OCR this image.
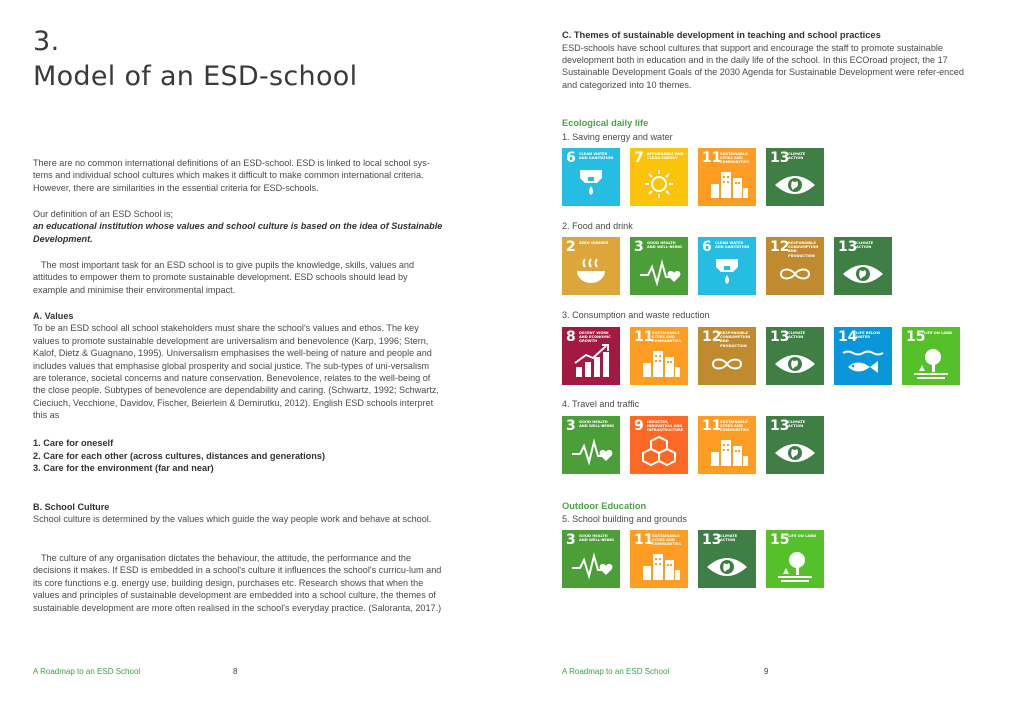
3.
Model of an ESD-school

There are no common international definitions of an ESD-school. ESD is linked to local school sys-tems and individual school cultures which makes it difficult to make common international criteria. However, there are similarities in the essential criteria for ESD-schools.

Our definition of an ESD School is;

an educational institution whose values and school culture is based on the idea of Sustainable Development.

The most important task for an ESD school is to give pupils the knowledge, skills, values and attitudes to empower them to promote sustainable development. ESD schools should lead by example and minimise their environmental impact.

A. Values

To be an ESD school all school stakeholders must share the school's values and ethos. The key values to promote sustainable development are universalism and benevolence (Karp, 1996; Stern, Kalof, Dietz & Guagnano, 1995). Universalism emphasises the well-being of nature and people and includes values that emphasise global prosperity and social justice. The sub-types of uni-versalism are tolerance, societal concerns and nature conservation. Benevolence, relates to the well-being of the close people. Subtypes of benevolence are dependability and caring. (Schwartz, 1992; Schwartz, Cieciuch, Vecchione, Davidov, Fischer, Beierlein & Demirutku, 2012). English ESD schools interpret this as

1. Care for oneself

2. Care for each other (across cultures, distances and generations)

3. Care for the environment (far and near)

B. School Culture

School culture is determined by the values which guide the way people work and behave at school.

The culture of any organisation dictates the behaviour, the attitude, the performance and the decisions it makes. If ESD is embedded in a school's culture it influences the school's curricu-lum and its core functions e.g. energy use, building design, purchases etc. Research shows that when the values and principles of sustainable development are embedded into a school culture, the themes of sustainable development are more often realised in the school's everyday practice. (Saloranta, 2017.)

A Roadmap to an ESD School	8
C. Themes of sustainable development in teaching and school practices
ESD-schools have school cultures that support and encourage the staff to promote sustainable development both in education and in the daily life of the school. In this ECOroad project, the 17 Sustainable Development Goals of the 2030 Agenda for Sustainable Development were refer-enced and categorized into 10 themes.
Ecological daily life
1. Saving energy and water
6 CLEAN WATER AND SANITATION 7 AFFORDABLE AND CLEAN ENERGY	11
SUSTAINABLE CITIES AND COMMUNITIES 13
CLIMATE ACTION
2. Food and drink
2 ZERO HUNGER	3 GOOD HEALTH AND WELL-BEING 6 CLEAN WATER AND SANITATION 12
RESPONSIBLE CONSUMPTION AND PRODUCTION
13
CLIMATE ACTION
3. Consumption and waste reduction
8 DECENT WORK AND ECONOMIC GROWTH	11
SUSTAINABLE CITIES AND COMMUNITIES 12
RESPONSIBLE CONSUMPTION AND PRODUCTION
13
CLIMATE ACTION	14
LIFE BELOW WATER	15
LIFE ON LAND
4. Travel and traffic
3 GOOD HEALTH AND WELL-BEING 9 INDUSTRY, INNOVATION AND INFRASTRUCTURE 11
SUSTAINABLE CITIES AND COMMUNITIES 13
CLIMATE ACTION
Outdoor Education
5. School building and grounds
3 GOOD HEALTH AND WELL-BEING 11
SUSTAINABLE CITIES AND COMMUNITIES 13
CLIMATE ACTION	15
LIFE ON LAND
A Roadmap to an ESD School	9
